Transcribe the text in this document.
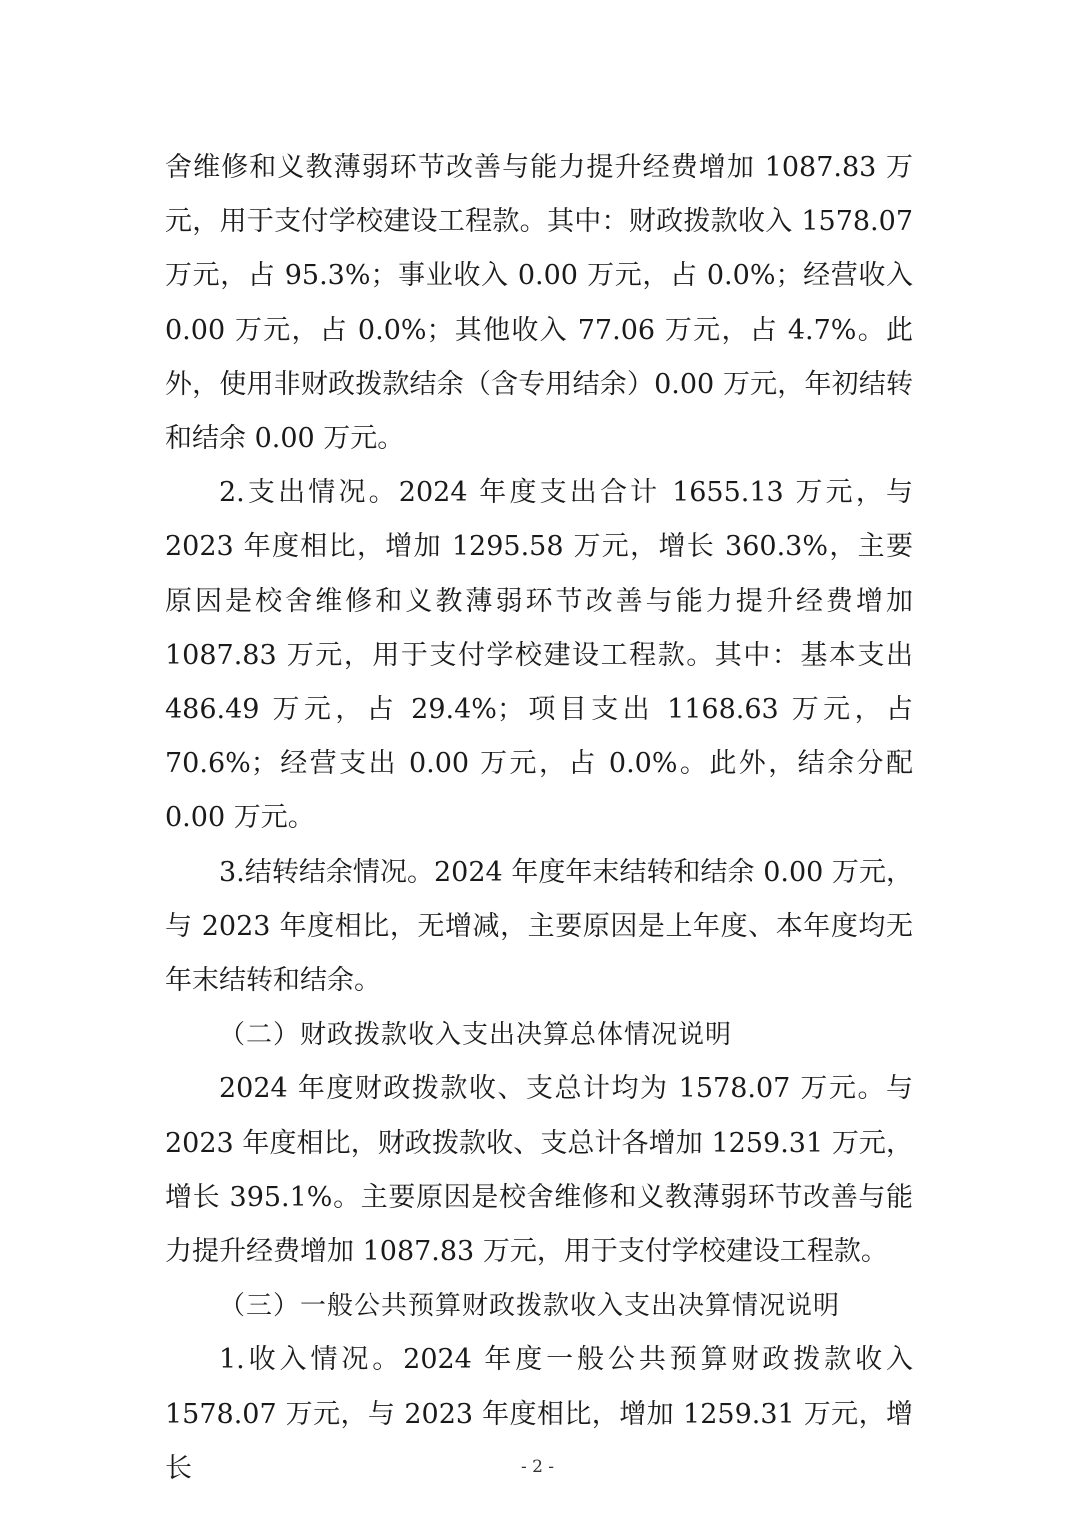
舍维修和义教薄弱环节改善与能力提升经费增加 1087.83 万元，用于支付学校建设工程款。其中：财政拨款收入 1578.07 万元，占 95.3%；事业收入 0.00 万元，占 0.0%；经营收入 0.00 万元，占 0.0%；其他收入 77.06 万元，占 4.7%。此外，使用非财政拨款结余（含专用结余）0.00 万元，年初结转和结余 0.00 万元。

2.支出情况。2024 年度支出合计 1655.13 万元，与 2023 年度相比，增加 1295.58 万元，增长 360.3%，主要原因是校舍维修和义教薄弱环节改善与能力提升经费增加 1087.83 万元，用于支付学校建设工程款。其中：基本支出 486.49 万元，占 29.4%；项目支出 1168.63 万元，占 70.6%；经营支出 0.00 万元，占 0.0%。此外，结余分配 0.00 万元。

3.结转结余情况。2024 年度年末结转和结余 0.00 万元，与 2023 年度相比，无增减，主要原因是上年度、本年度均无年末结转和结余。

（二）财政拨款收入支出决算总体情况说明

2024 年度财政拨款收、支总计均为 1578.07 万元。与 2023 年度相比，财政拨款收、支总计各增加 1259.31 万元，增长 395.1%。主要原因是校舍维修和义教薄弱环节改善与能力提升经费增加 1087.83 万元，用于支付学校建设工程款。

（三）一般公共预算财政拨款收入支出决算情况说明

1.收入情况。2024 年度一般公共预算财政拨款收入 1578.07 万元，与 2023 年度相比，增加 1259.31 万元，增长	- 2 -
